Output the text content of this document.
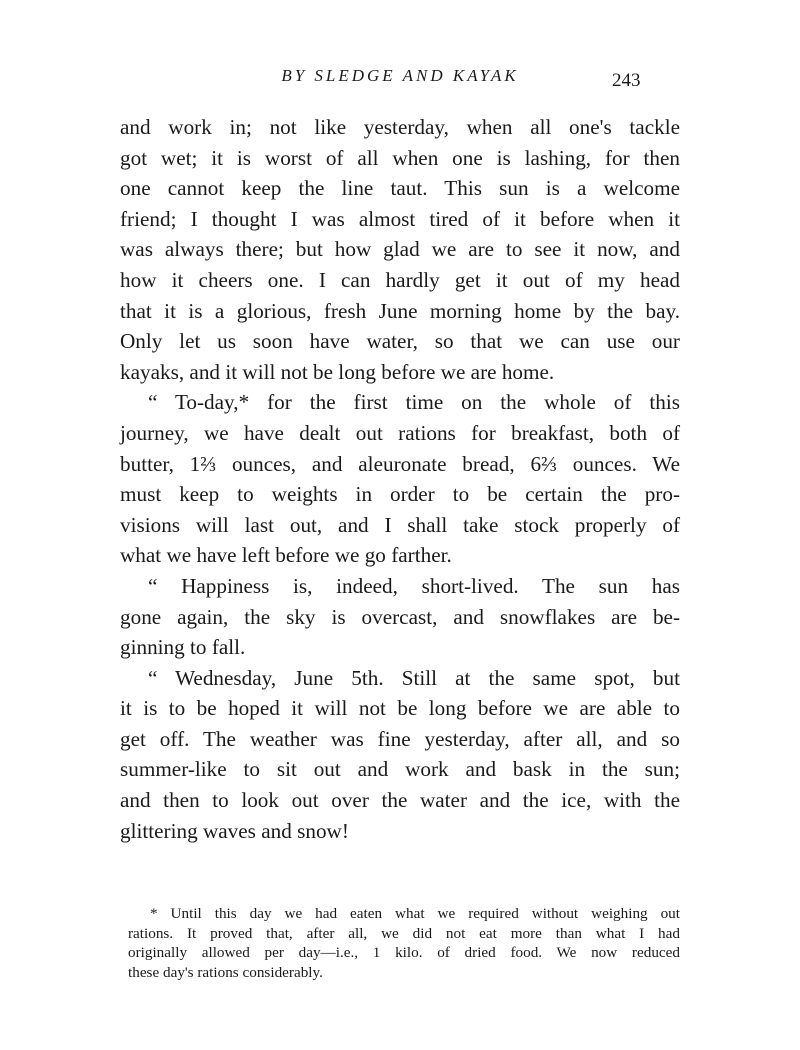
BY SLEDGE AND KAYAK	243

and work in; not like yesterday, when all one's tackle
got wet; it is worst of all when one is lashing, for then
one cannot keep the line taut. This sun is a welcome
friend; I thought I was almost tired of it before when it
was always there; but how glad we are to see it now, and
how it cheers one. I can hardly get it out of my head
that it is a glorious, fresh June morning home by the bay.
Only let us soon have water, so that we can use our
kayaks, and it will not be long before we are home.

“ To-day,* for the first time on the whole of this
journey, we have dealt out rations for breakfast, both of
butter, 1⅔ ounces, and aleuronate bread, 6⅔ ounces. We
must keep to weights in order to be certain the pro-
visions will last out, and I shall take stock properly of
what we have left before we go farther.

“ Happiness is, indeed, short-lived. The sun has
gone again, the sky is overcast, and snowflakes are be-
ginning to fall.

“ Wednesday, June 5th. Still at the same spot, but
it is to be hoped it will not be long before we are able to
get off. The weather was fine yesterday, after all, and so
summer-like to sit out and work and bask in the sun;
and then to look out over the water and the ice, with the
glittering waves and snow!

* Until this day we had eaten what we required without weighing out
rations. It proved that, after all, we did not eat more than what I had
originally allowed per day—i.e., 1 kilo. of dried food. We now reduced
these day's rations considerably.
